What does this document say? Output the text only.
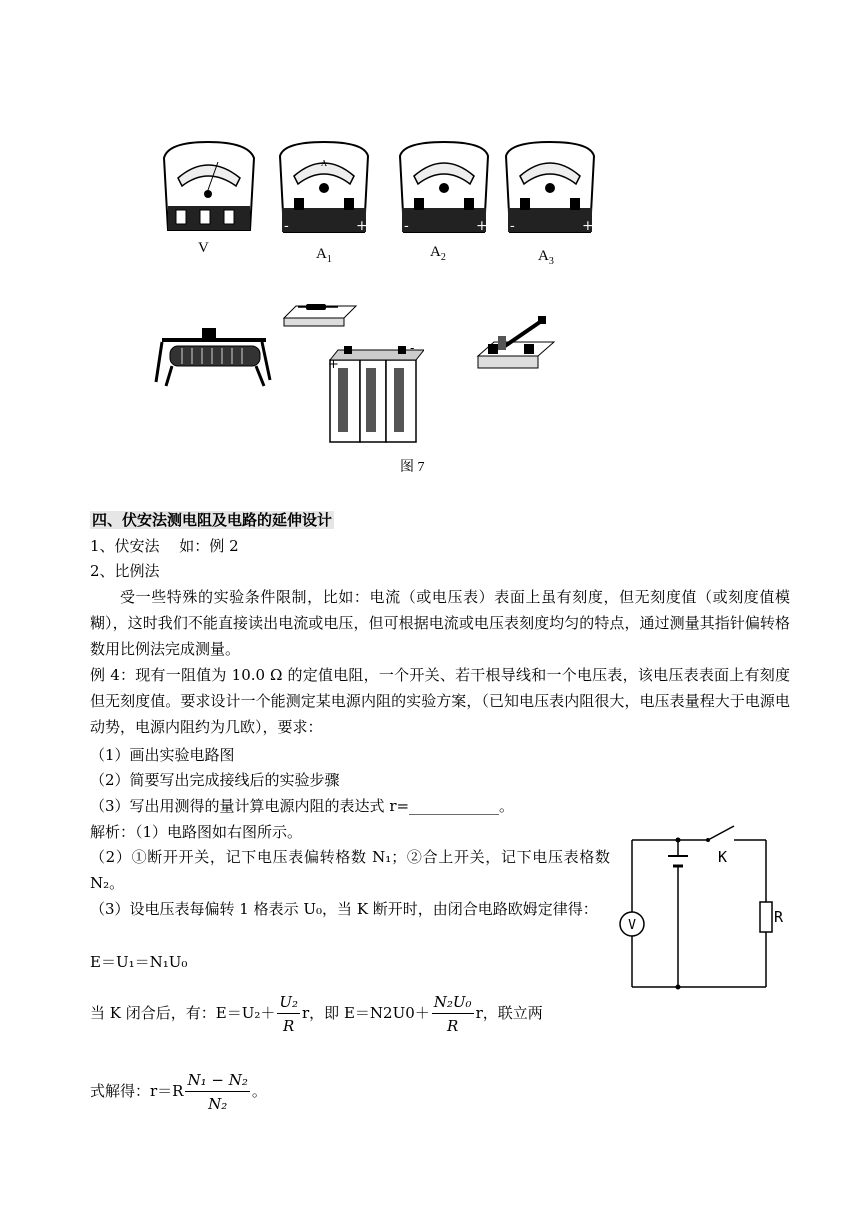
A
-	+	-	+ -	+
V	$A_1$	$A_2$	$A_3$
+
-
图 7
四、伏安法测电阻及电路的延伸设计
1、伏安法　 如：例 2
2、比例法
受一些特殊的实验条件限制，比如：电流（或电压表）表面上虽有刻度，但无刻度值（或刻度值模糊），这时我们不能直接读出电流或电压，但可根据电流或电压表刻度均匀的特点，通过测量其指针偏转格数用比例法完成测量。
例 4：现有一阻值为 10.0 Ω 的定值电阻，一个开关、若干根导线和一个电压表，该电压表表面上有刻度但无刻度值。要求设计一个能测定某电源内阻的实验方案，（已知电压表内阻很大，电压表量程大于电源电动势，电源内阻约为几欧），要求：
（1）画出实验电路图
（2）简要写出完成接线后的实验步骤
（3）写出用测得的量计算电源内阻的表达式 r=____________。
解析：（1）电路图如右图所示。
（2）①断开开关，记下电压表偏转格数 N₁；②合上开关，记下电压表格数 N₂。
（3）设电压表每偏转 1 格表示 U₀，当 K 断开时，由闭合电路欧姆定律得：
E＝U₁＝N₁U₀
当 K 闭合后，有：$E=U_2+ \frac{\text{U₂}}{R}$ r，即 $E=N2U0+ \frac{\text{N₂U₀}}{R}$ r，联立两
式解得：$r=R \frac{\text{N₁ − N₂}}{\text{N₂}}$ 。
K
R
V
